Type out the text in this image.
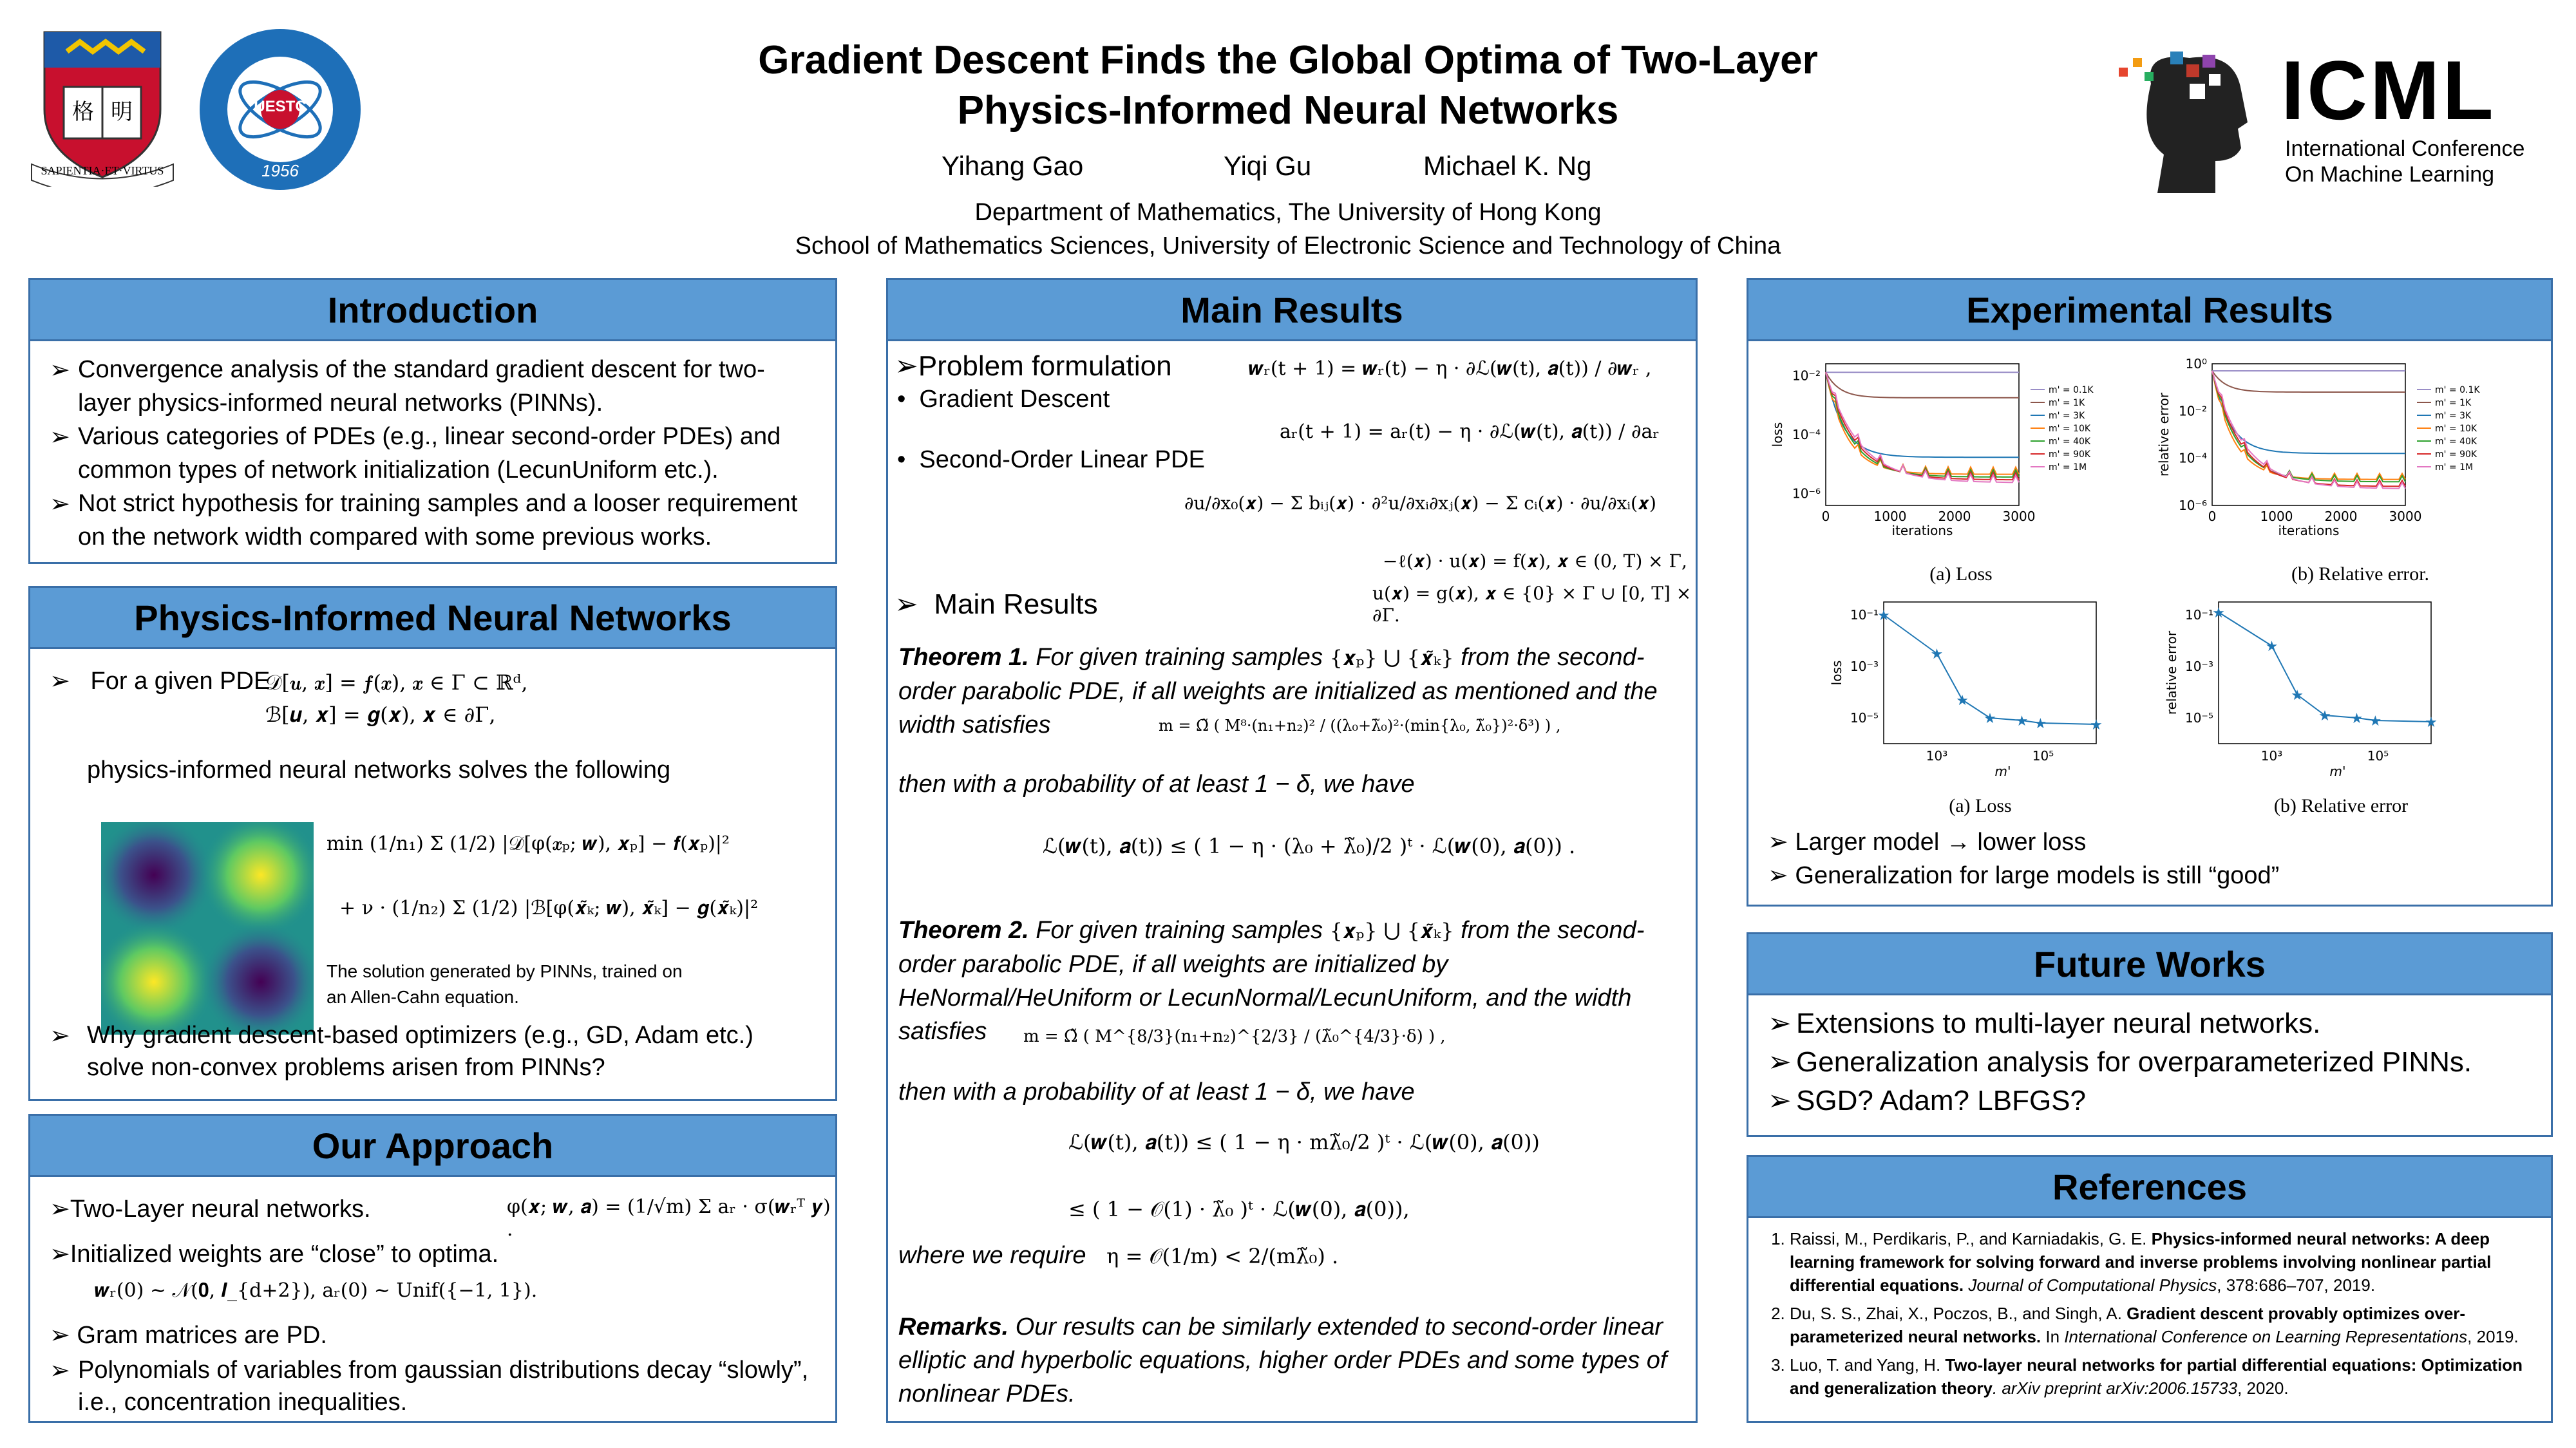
格 明
SAPIENTIA·ET·VIRTUS
UESTC
1956
Gradient Descent Finds the Global Optima of Two-Layer
Physics-Informed Neural Networks
Yihang Gao	Yiqi Gu	Michael K. Ng
Department of Mathematics, The University of Hong Kong
School of Mathematics Sciences, University of Electronic Science and Technology of China
ICML
International Conference
On Machine Learning
Introduction
➢ Convergence analysis of the standard gradient descent for two-layer physics-informed neural networks (PINNs).
➢ Various categories of PDEs (e.g., linear second-order PDEs) and common types of network initialization (LecunUniform etc.).
➢ Not strict hypothesis for training samples and a looser requirement on the network width compared with some previous works.
Physics-Informed Neural Networks
➢ For a given PDE
𝒟[𝒖, 𝒙] = 𝒇(𝒙), 𝒙 ∈ Γ ⊂ ℝᵈ,
ℬ[𝒖, 𝒙] = 𝒈(𝒙), 𝒙 ∈ ∂Γ,
physics-informed neural networks solves the following
min (1/n₁) Σ (1/2) |𝒟[φ(𝒙ₚ; 𝒘), 𝒙ₚ] − 𝒇(𝒙ₚ)|²
+ ν · (1/n₂) Σ (1/2) |ℬ[φ(𝒙̃ₖ; 𝒘), 𝒙̃ₖ] − 𝒈(𝒙̃ₖ)|²
The solution generated by PINNs, trained on
an Allen-Cahn equation.
➢ Why gradient descent-based optimizers (e.g., GD, Adam etc.) solve non-convex problems arisen from PINNs?
Our Approach
➢Two-Layer neural networks.	φ(𝒙; 𝒘, 𝒂) = (1/√m) Σ aᵣ · σ(𝒘ᵣᵀ 𝒚) .
➢Initialized weights are “close” to optima.
𝒘ᵣ(0) ∼ 𝒩(𝟎, 𝑰_{d+2}), aᵣ(0) ∼ Unif({−1, 1}).
➢ Gram matrices are PD.
➢ Polynomials of variables from gaussian distributions decay “slowly”, i.e., concentration inequalities.
Main Results
➢Problem formulation
•  Gradient Descent
𝒘ᵣ(t + 1) = 𝒘ᵣ(t) − η · ∂ℒ(𝒘(t), 𝒂(t)) / ∂𝒘ᵣ ,
aᵣ(t + 1) = aᵣ(t) − η · ∂ℒ(𝒘(t), 𝒂(t)) / ∂aᵣ
•  Second-Order Linear PDE
∂u/∂x₀(𝒙) − Σ bᵢⱼ(𝒙) · ∂²u/∂xᵢ∂xⱼ(𝒙) − Σ cᵢ(𝒙) · ∂u/∂xᵢ(𝒙)
−ℓ(𝒙) · u(𝒙) = f(𝒙), 𝒙 ∈ (0, T) × Γ,
u(𝒙) = g(𝒙), 𝒙 ∈ {0} × Γ ∪ [0, T] × ∂Γ.
➢ Main Results
Theorem 1. For given training samples {𝒙ₚ} ⋃ {𝒙̃ₖ} from the second-order parabolic PDE, if all weights are initialized as mentioned and the width satisfies	m = Ω̃ ( M⁸·(n₁+n₂)² / ((λ₀+λ̃₀)²·(min{λ₀, λ̃₀})²·δ³) ) ,
then with a probability of at least 1 − δ, we have
ℒ(𝒘(t), 𝒂(t)) ≤ ( 1 − η · (λ₀ + λ̃₀)/2 )ᵗ · ℒ(𝒘(0), 𝒂(0)) .
Theorem 2. For given training samples {𝒙ₚ} ⋃ {𝒙̃ₖ} from the second-order parabolic PDE, if all weights are initialized by HeNormal/HeUniform or LecunNormal/LecunUniform, and the width satisfies	m = Ω̃ ( M^{8/3}(n₁+n₂)^{2/3} / (λ̃₀^{4/3}·δ) ) ,
then with a probability of at least 1 − δ, we have
ℒ(𝒘(t), 𝒂(t)) ≤ ( 1 − η · mλ̃₀/2 )ᵗ · ℒ(𝒘(0), 𝒂(0))
≤ ( 1 − 𝒪(1) · λ̃₀ )ᵗ · ℒ(𝒘(0), 𝒂(0)),
where we require η = 𝒪(1/m) < 2/(mλ̃₀) .
Remarks. Our results can be similarly extended to second-order linear elliptic and hyperbolic equations, higher order PDEs and some types of nonlinear PDEs.
Experimental Results
0	1000 2000 3000
10⁻²
10⁻⁴
10⁻⁶
iterations
loss
m' = 0.1K
m' = 1K
m' = 3K
m' = 10K
m' = 40K
m' = 90K
m' = 1M
0	1000 2000 3000
10⁰
10⁻²
10⁻⁴
10⁻⁶
iterations
relative error
m' = 0.1K
m' = 1K
m' = 3K
m' = 10K
m' = 40K
m' = 90K
m' = 1M
(a) Loss	(b) Relative error.
10³	10⁵
10⁻¹
10⁻³
10⁻⁵
m'
loss
★
★
★
★ ★ ★	★
10³	10⁵
10⁻¹
10⁻³
10⁻⁵
m'
relative error
★
★
★
★ ★ ★	★
(a) Loss	(b) Relative error
➢ Larger model → lower loss
➢ Generalization for large models is still “good”
Future Works
➢ Extensions to multi-layer neural networks.
➢ Generalization analysis for overparameterized PINNs.
➢ SGD? Adam? LBFGS?
References
1. Raissi, M., Perdikaris, P., and Karniadakis, G. E. Physics-informed neural networks: A deep learning framework for solving forward and inverse problems involving nonlinear partial differential equations. Journal of Computational Physics, 378:686–707, 2019.
2. Du, S. S., Zhai, X., Poczos, B., and Singh, A. Gradient descent provably optimizes over-parameterized neural networks. In International Conference on Learning Representations, 2019.
3. Luo, T. and Yang, H. Two-layer neural networks for partial differential equations: Optimization and generalization theory. arXiv preprint arXiv:2006.15733, 2020.
